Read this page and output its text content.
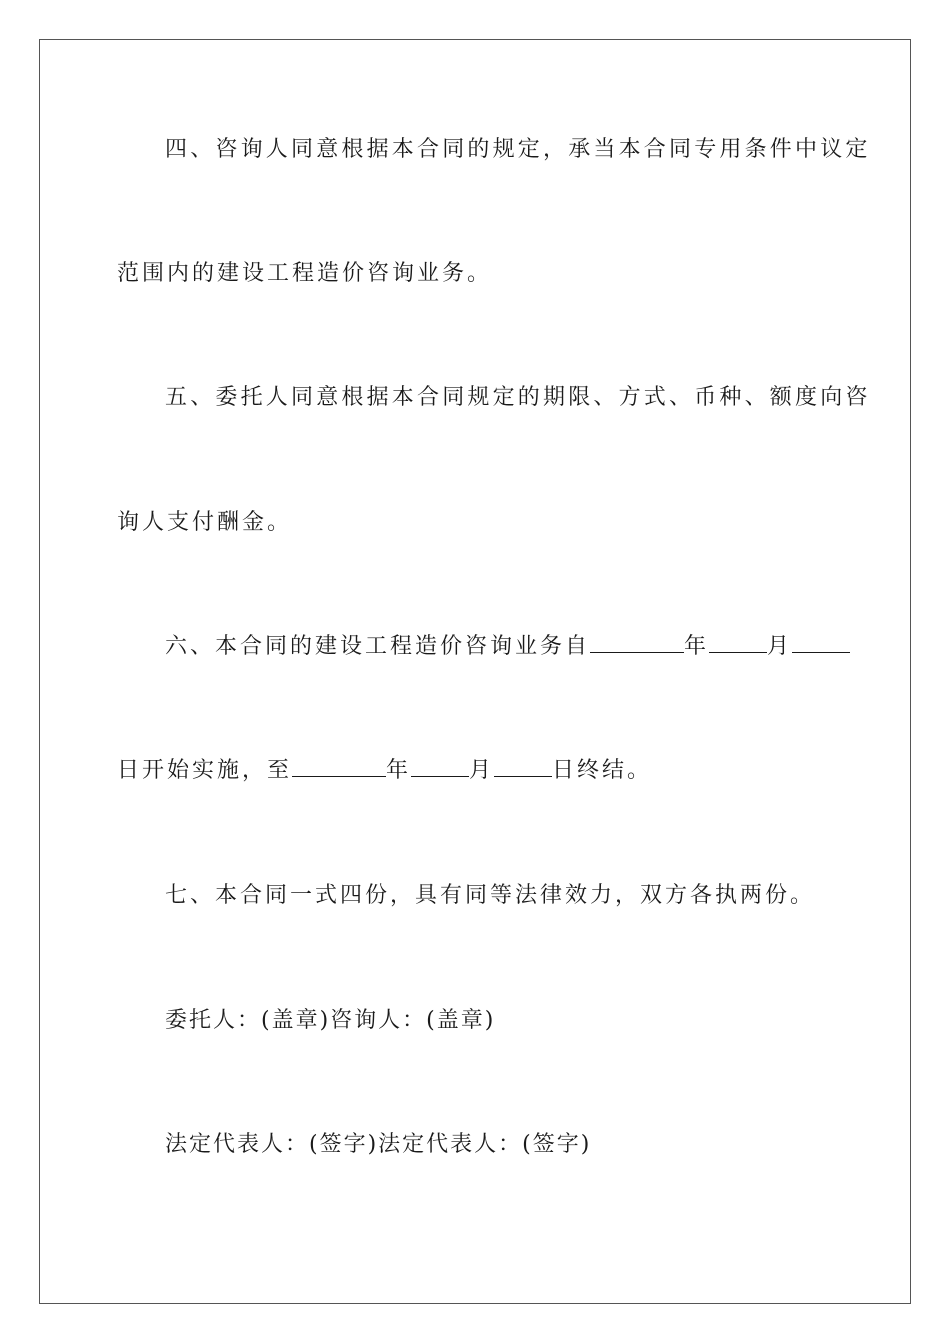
四、咨询人同意根据本合同的规定，承当本合同专用条件中议定
范围内的建设工程造价咨询业务。
五、委托人同意根据本合同规定的期限、方式、币种、额度向咨
询人支付酬金。
六、本合同的建设工程造价咨询业务自	年	月
日开始实施，至	年	月	日终结。
七、本合同一式四份，具有同等法律效力，双方各执两份。
委托人：(盖章)咨询人：(盖章)
法定代表人：(签字)法定代表人：(签字)
